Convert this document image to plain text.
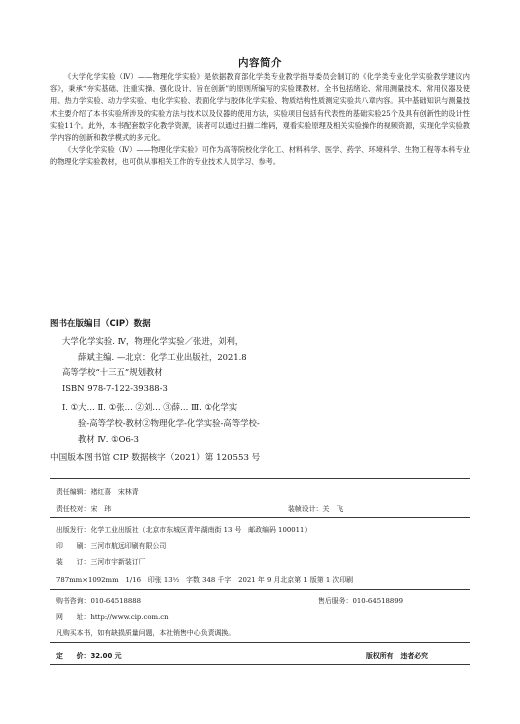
内容简介

《大学化学实验（Ⅳ）——物理化学实验》是依据教育部化学类专业教学指导委员会制订的《化学类专业化学实验教学建议内容》，秉承“夯实基础、注重实操、强化设计、旨在创新”的原则所编写的实验课教材。全书包括绪论、常用测量技术、常用仪器及使用、热力学实验、动力学实验、电化学实验、表面化学与胶体化学实验、物质结构性质测定实验共八章内容。其中基础知识与测量技术主要介绍了本书实验所涉及的实验方法与技术以及仪器的使用方法，实验项目包括有代表性的基础实验25个及具有创新性的设计性实验11个。此外，本书配套数字化教学资源，读者可以通过扫描二维码，观看实验原理及相关实验操作的视频资源，实现化学实验教学内容的创新和教学模式的多元化。

《大学化学实验（Ⅳ）——物理化学实验》可作为高等院校化学化工、材料科学、医学、药学、环境科学、生物工程等本科专业的物理化学实验教材，也可供从事相关工作的专业技术人员学习、参考。

图书在版编目（CIP）数据
大学化学实验. Ⅳ，物理化学实验／张进，刘利，
薛斌主编. —北京：化学工业出版社，2021.8
高等学校“十三五”规划教材
ISBN 978-7-122-39388-3
Ⅰ. ①大… Ⅱ. ①张… ②刘… ③薛… Ⅲ. ①化学实
验-高等学校-教材②物理化学-化学实验-高等学校-
教材 Ⅳ. ①O6-3
中国版本图书馆 CIP 数据核字（2021）第 120553 号
责任编辑：褚红喜　宋林青
责任校对：宋　玮	装帧设计：关　飞
出版发行：化学工业出版社（北京市东城区青年湖南街 13 号　邮政编码 100011）
印　　刷：三河市航远印刷有限公司
装　　订：三河市宇新装订厂
787mm×1092mm　1/16　印张 13½　字数 348 千字　2021 年 9 月北京第 1 版第 1 次印刷
购书咨询：010-64518888	售后服务：010-64518899
网　　址：http://www.cip.com.cn
凡购买本书，如有缺损质量问题，本社销售中心负责调换。
定　　价：32.00 元	版权所有　违者必究
